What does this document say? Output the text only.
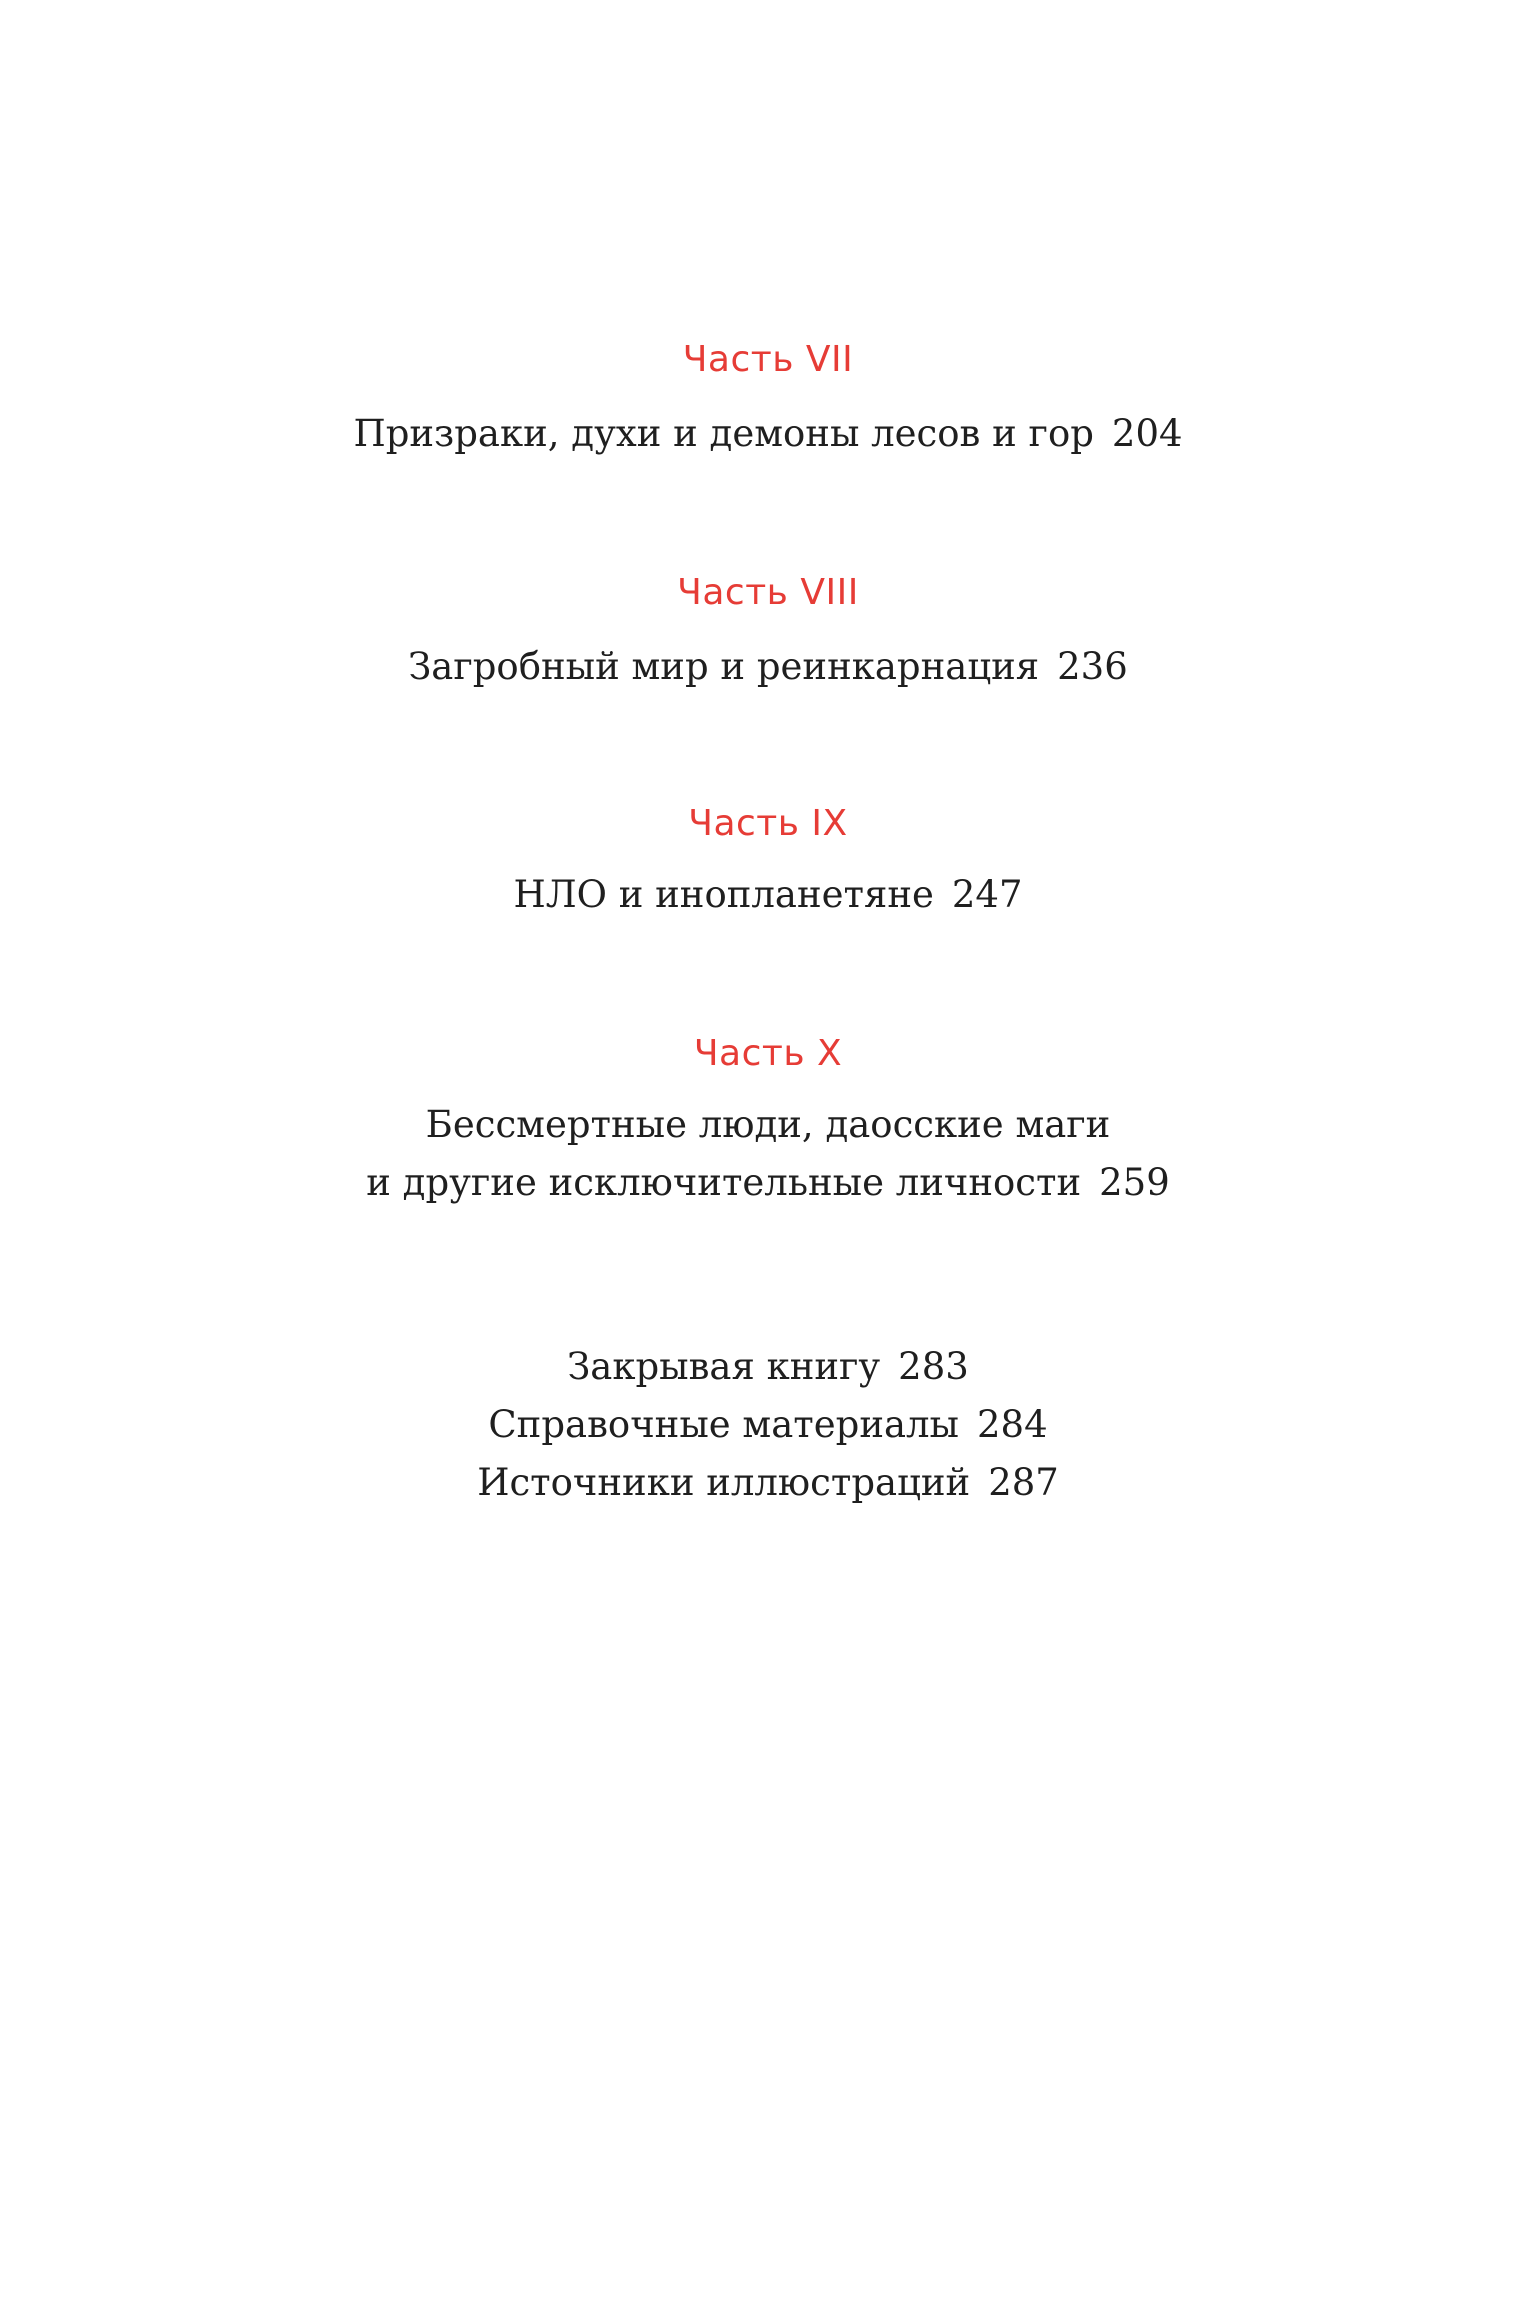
Часть VII

Призраки, духи и демоны лесов и гор 204

Часть VIII

Загробный мир и реинкарнация 236

Часть IX

НЛО и инопланетяне 247

Часть X
Бессмертные люди, даосские маги
и другие исключительные личности 259
Закрывая книгу 283
Справочные материалы 284
Источники иллюстраций 287
